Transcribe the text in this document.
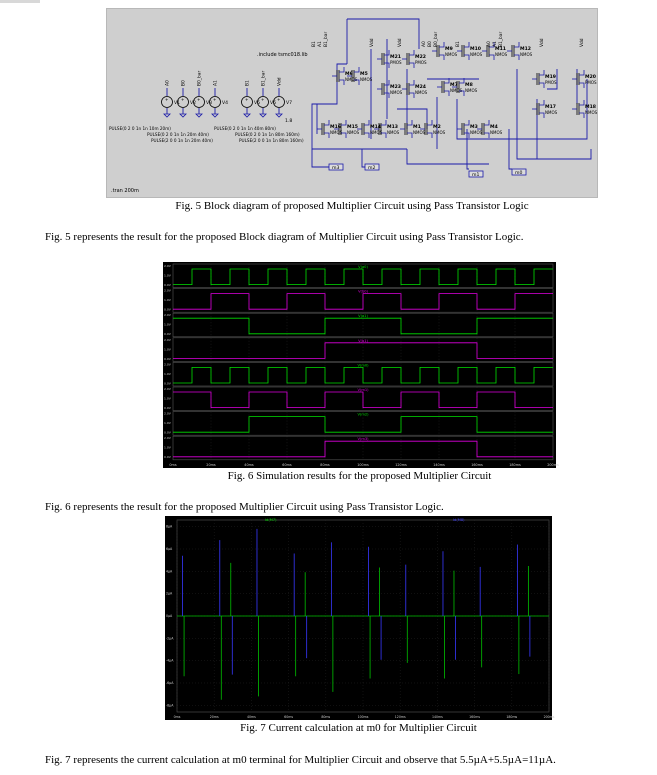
.include tsmc018.lib
.tran 200m
+
V1
A0
+
V2
B0
+
V3
B0_bar
+
V4
A1
+
V5
B1
+
V6
B1_bar
+
V7
Vdd
1.8
PULSE(0 2 0 1n 1n 10m 20m)
PULSE(0 2 0 1n 1n 20m 40m)
PULSE(2 0 0 1n 1n 20m 40m)
PULSE(0 2 0 1n 1n 40m 80m)
PULSE(0 2 0 1n 1n 80m 160m)
PULSE(2 0 0 1n 1n 80m 160m)
M6
NMOS
M5
NMOS
M21
PMOS
M22
PMOS
M23
NMOS
M24
NMOS
M16
NMOS
M15
NMOS
M14
NMOS
M13
NMOS
M9
NMOS
M10
NMOS
M11
NMOS
M12
NMOS
M7
NMOS
M8
NMOS
M1
NMOS
M2
NMOS
M3
NMOS
M4
NMOS
M19
PMOS
M20
PMOS
M17
NMOS
M18
NMOS
B1 A1 B1_bar	Vdd	Vdd	A0 B0 B0_bar	B1	A0 A1 B1_bar	Vdd	Vdd
m3	m2
m1	m0
Fig. 5 Block diagram of proposed Multiplier Circuit using Pass Transistor Logic
Fig. 5 represents the result for the proposed Block diagram of Multiplier Circuit using Pass Transistor Logic.
V(a0)
2.0V
1.0V
0.0V
V(b0)
2.0V
1.0V
0.0V
V(a1)
2.0V
1.0V
0.0V
V(b1)
2.0V
1.0V
0.0V
V(m0)
2.0V
1.0V
0.0V
V(m1)
2.0V
1.0V
0.0V
V(m2)
2.0V
1.0V
0.0V
V(m3)
2.0V
1.0V
0.0V
0ms	20ms	40ms	60ms	80ms	100ms	120ms	140ms	160ms	180ms	200ms
Fig. 6 Simulation results for the proposed Multiplier Circuit
Fig. 6 represents the result for the proposed Multiplier Circuit using Pass Transistor Logic.
Id(M7)	Id(M8)
8µA
6µA
4µA
2µA
0µA
-2µA
-4µA
-6µA
-8µA
0ms	20ms	40ms	60ms	80ms	100ms	120ms	140ms	160ms	180ms	200ms
Fig. 7 Current calculation at m0 for Multiplier Circuit
Fig. 7 represents the current calculation at m0 terminal for Multiplier Circuit and observe that 5.5µA+5.5µA=11µA.
